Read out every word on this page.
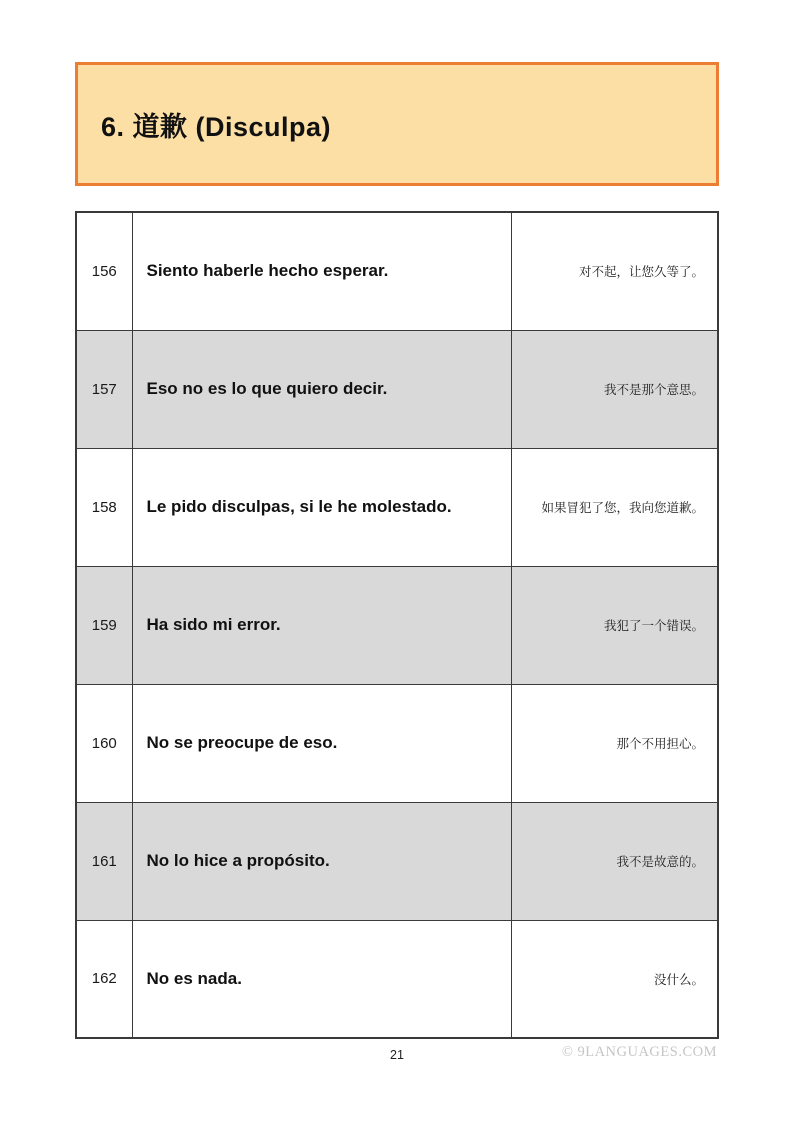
6. 道歉 (Disculpa)
156	Siento haberle hecho esperar.	对不起，让您久等了。
157	Eso no es lo que quiero decir.	我不是那个意思。
158	Le pido disculpas, si le he molestado.	如果冒犯了您，我向您道歉。
159	Ha sido mi error.	我犯了一个错误。
160	No se preocupe de eso.	那个不用担心。
161	No lo hice a propósito.	我不是故意的。
162	No es nada.	没什么。
21	© 9LANGUAGES.COM
